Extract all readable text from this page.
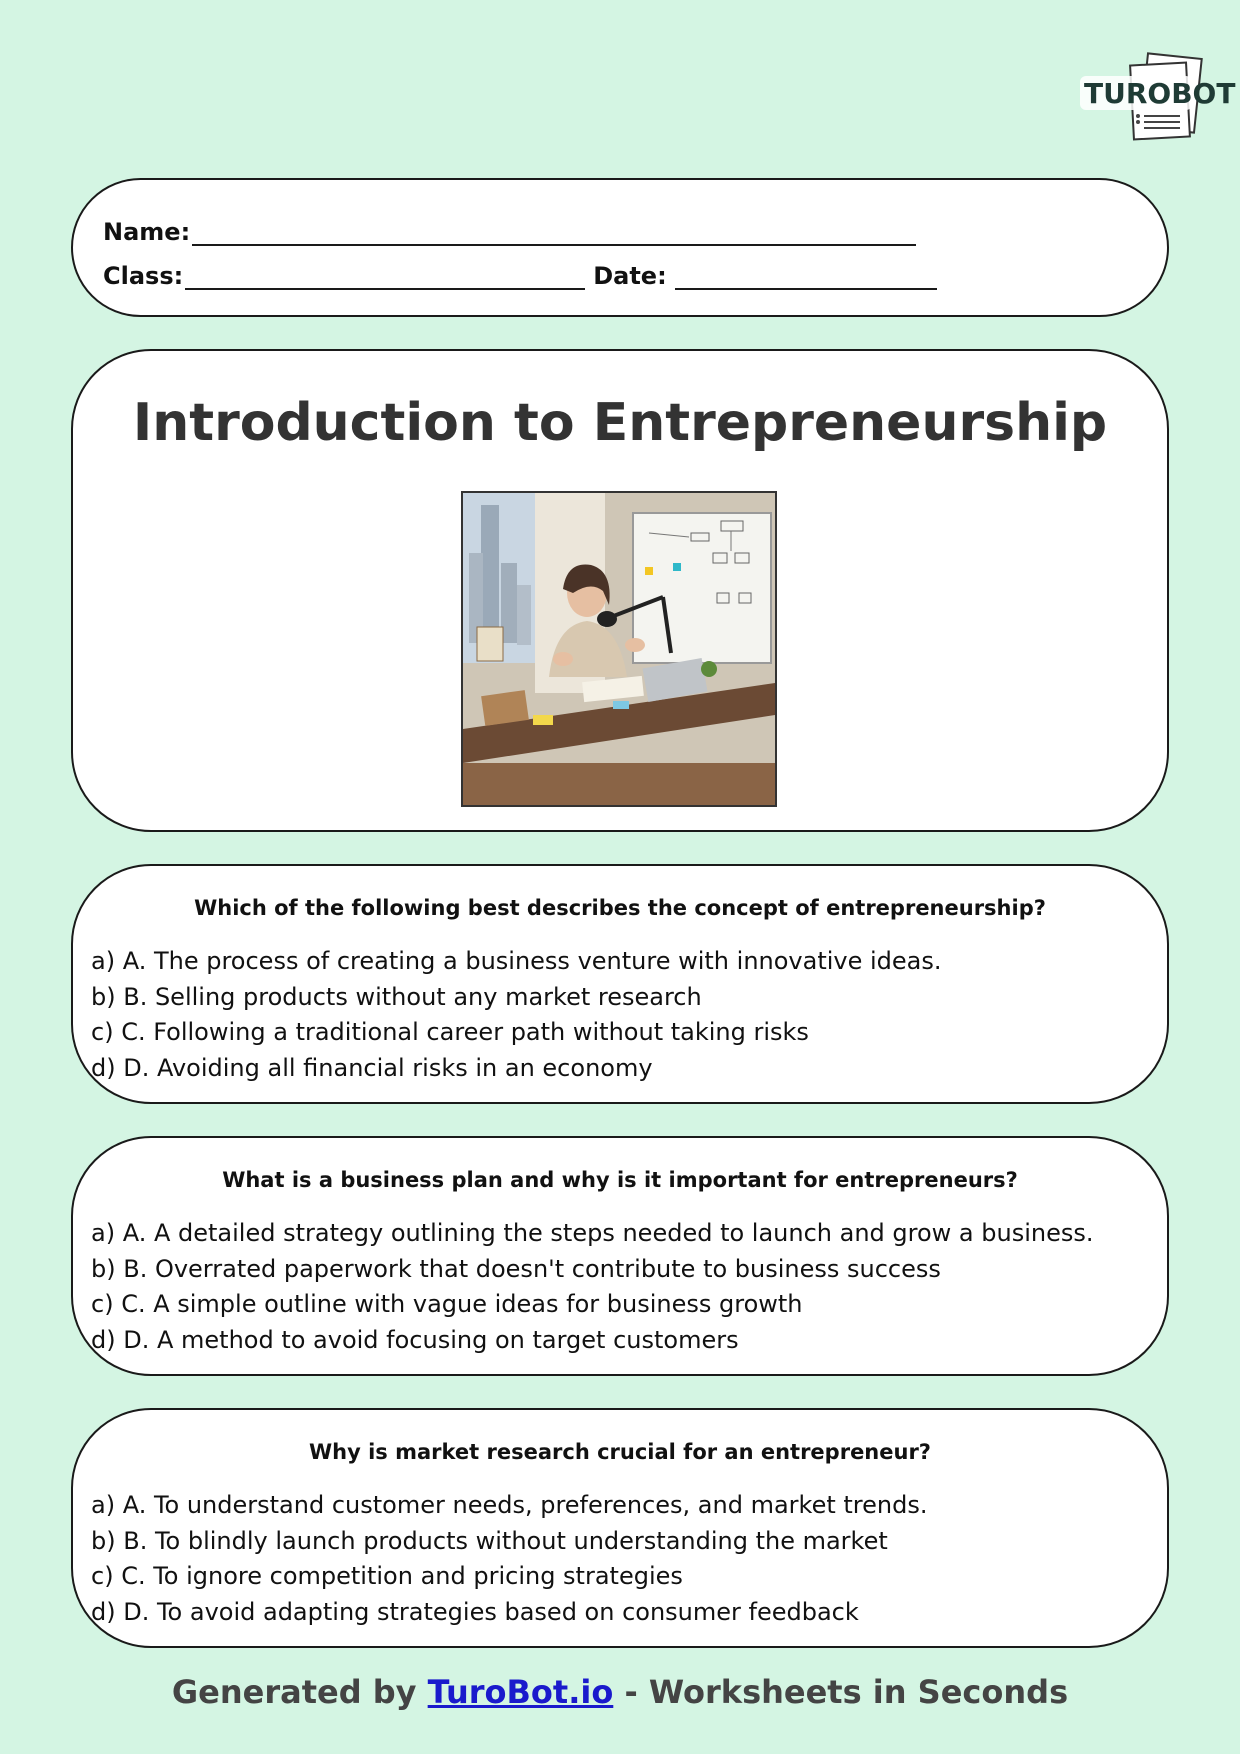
TUROBOT
Name:
Class:	Date:
Introduction to Entrepreneurship
Which of the following best describes the concept of entrepreneurship?
a) A. The process of creating a business venture with innovative ideas.
b) B. Selling products without any market research
c) C. Following a traditional career path without taking risks
d) D. Avoiding all financial risks in an economy
What is a business plan and why is it important for entrepreneurs?
a) A. A detailed strategy outlining the steps needed to launch and grow a business.
b) B. Overrated paperwork that doesn't contribute to business success
c) C. A simple outline with vague ideas for business growth
d) D. A method to avoid focusing on target customers
Why is market research crucial for an entrepreneur?
a) A. To understand customer needs, preferences, and market trends.
b) B. To blindly launch products without understanding the market
c) C. To ignore competition and pricing strategies
d) D. To avoid adapting strategies based on consumer feedback
Generated by TuroBot.io - Worksheets in Seconds
